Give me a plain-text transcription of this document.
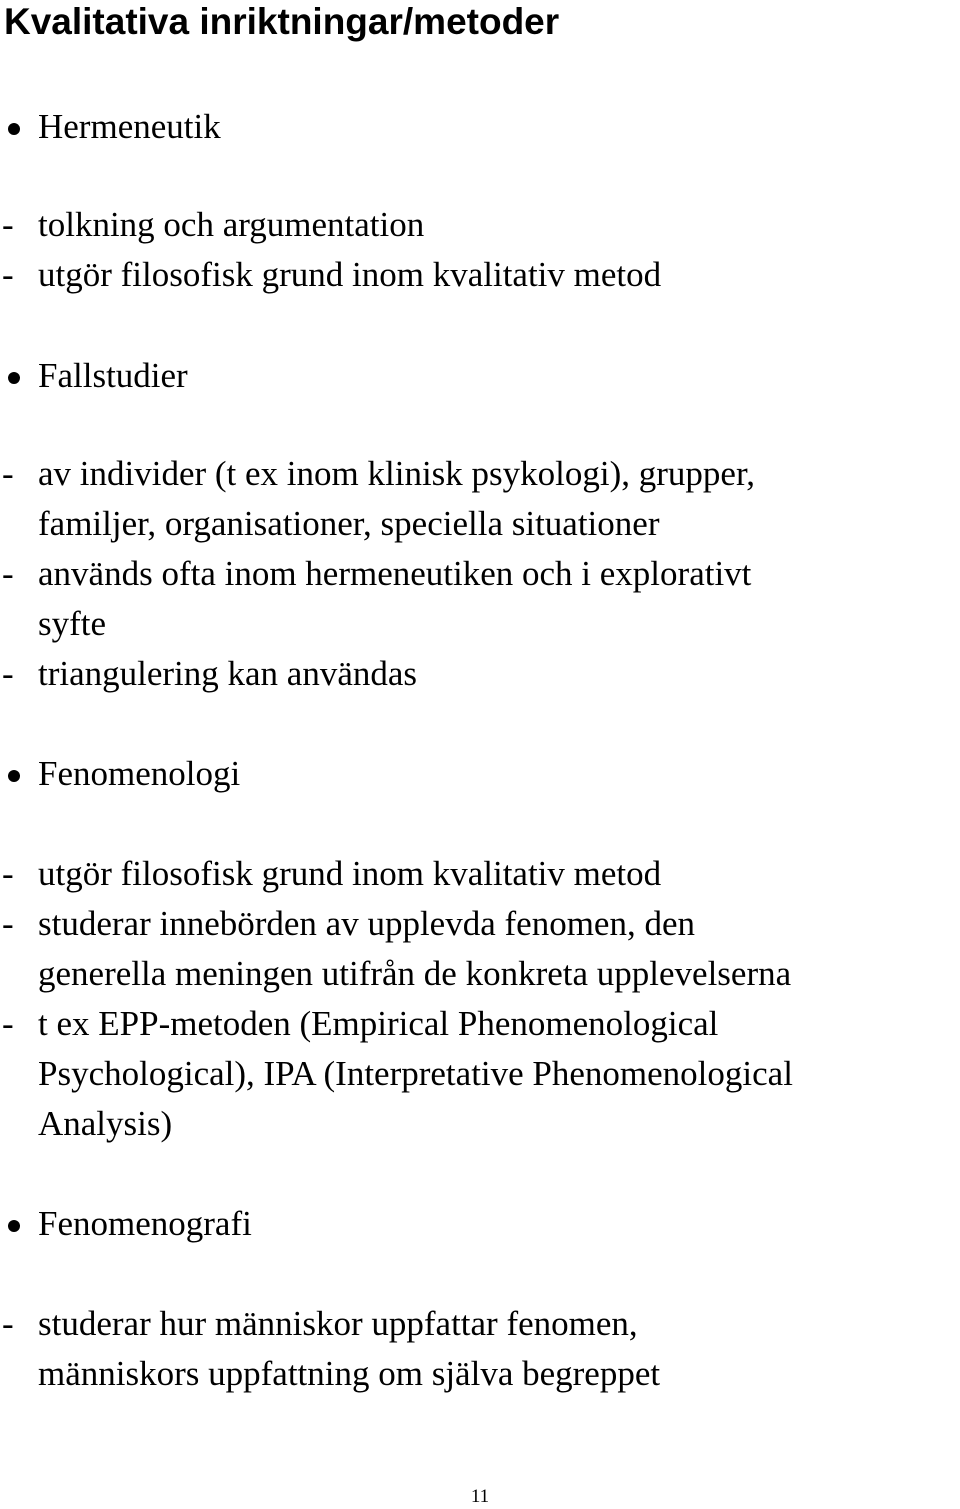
Kvalitativa inriktningar/metoder
Hermeneutik
- tolkning och argumentation
- utgör filosofisk grund inom kvalitativ metod
Fallstudier
- av individer (t ex inom klinisk psykologi), grupper,
familjer, organisationer, speciella situationer
- används ofta inom hermeneutiken och i explorativt
syfte
- triangulering kan användas
Fenomenologi
- utgör filosofisk grund inom kvalitativ metod
- studerar innebörden av upplevda fenomen, den
generella meningen utifrån de konkreta upplevelserna
- t ex EPP-metoden (Empirical Phenomenological
Psychological), IPA (Interpretative Phenomenological
Analysis)
Fenomenografi
- studerar hur människor uppfattar fenomen,
människors uppfattning om själva begreppet
11
